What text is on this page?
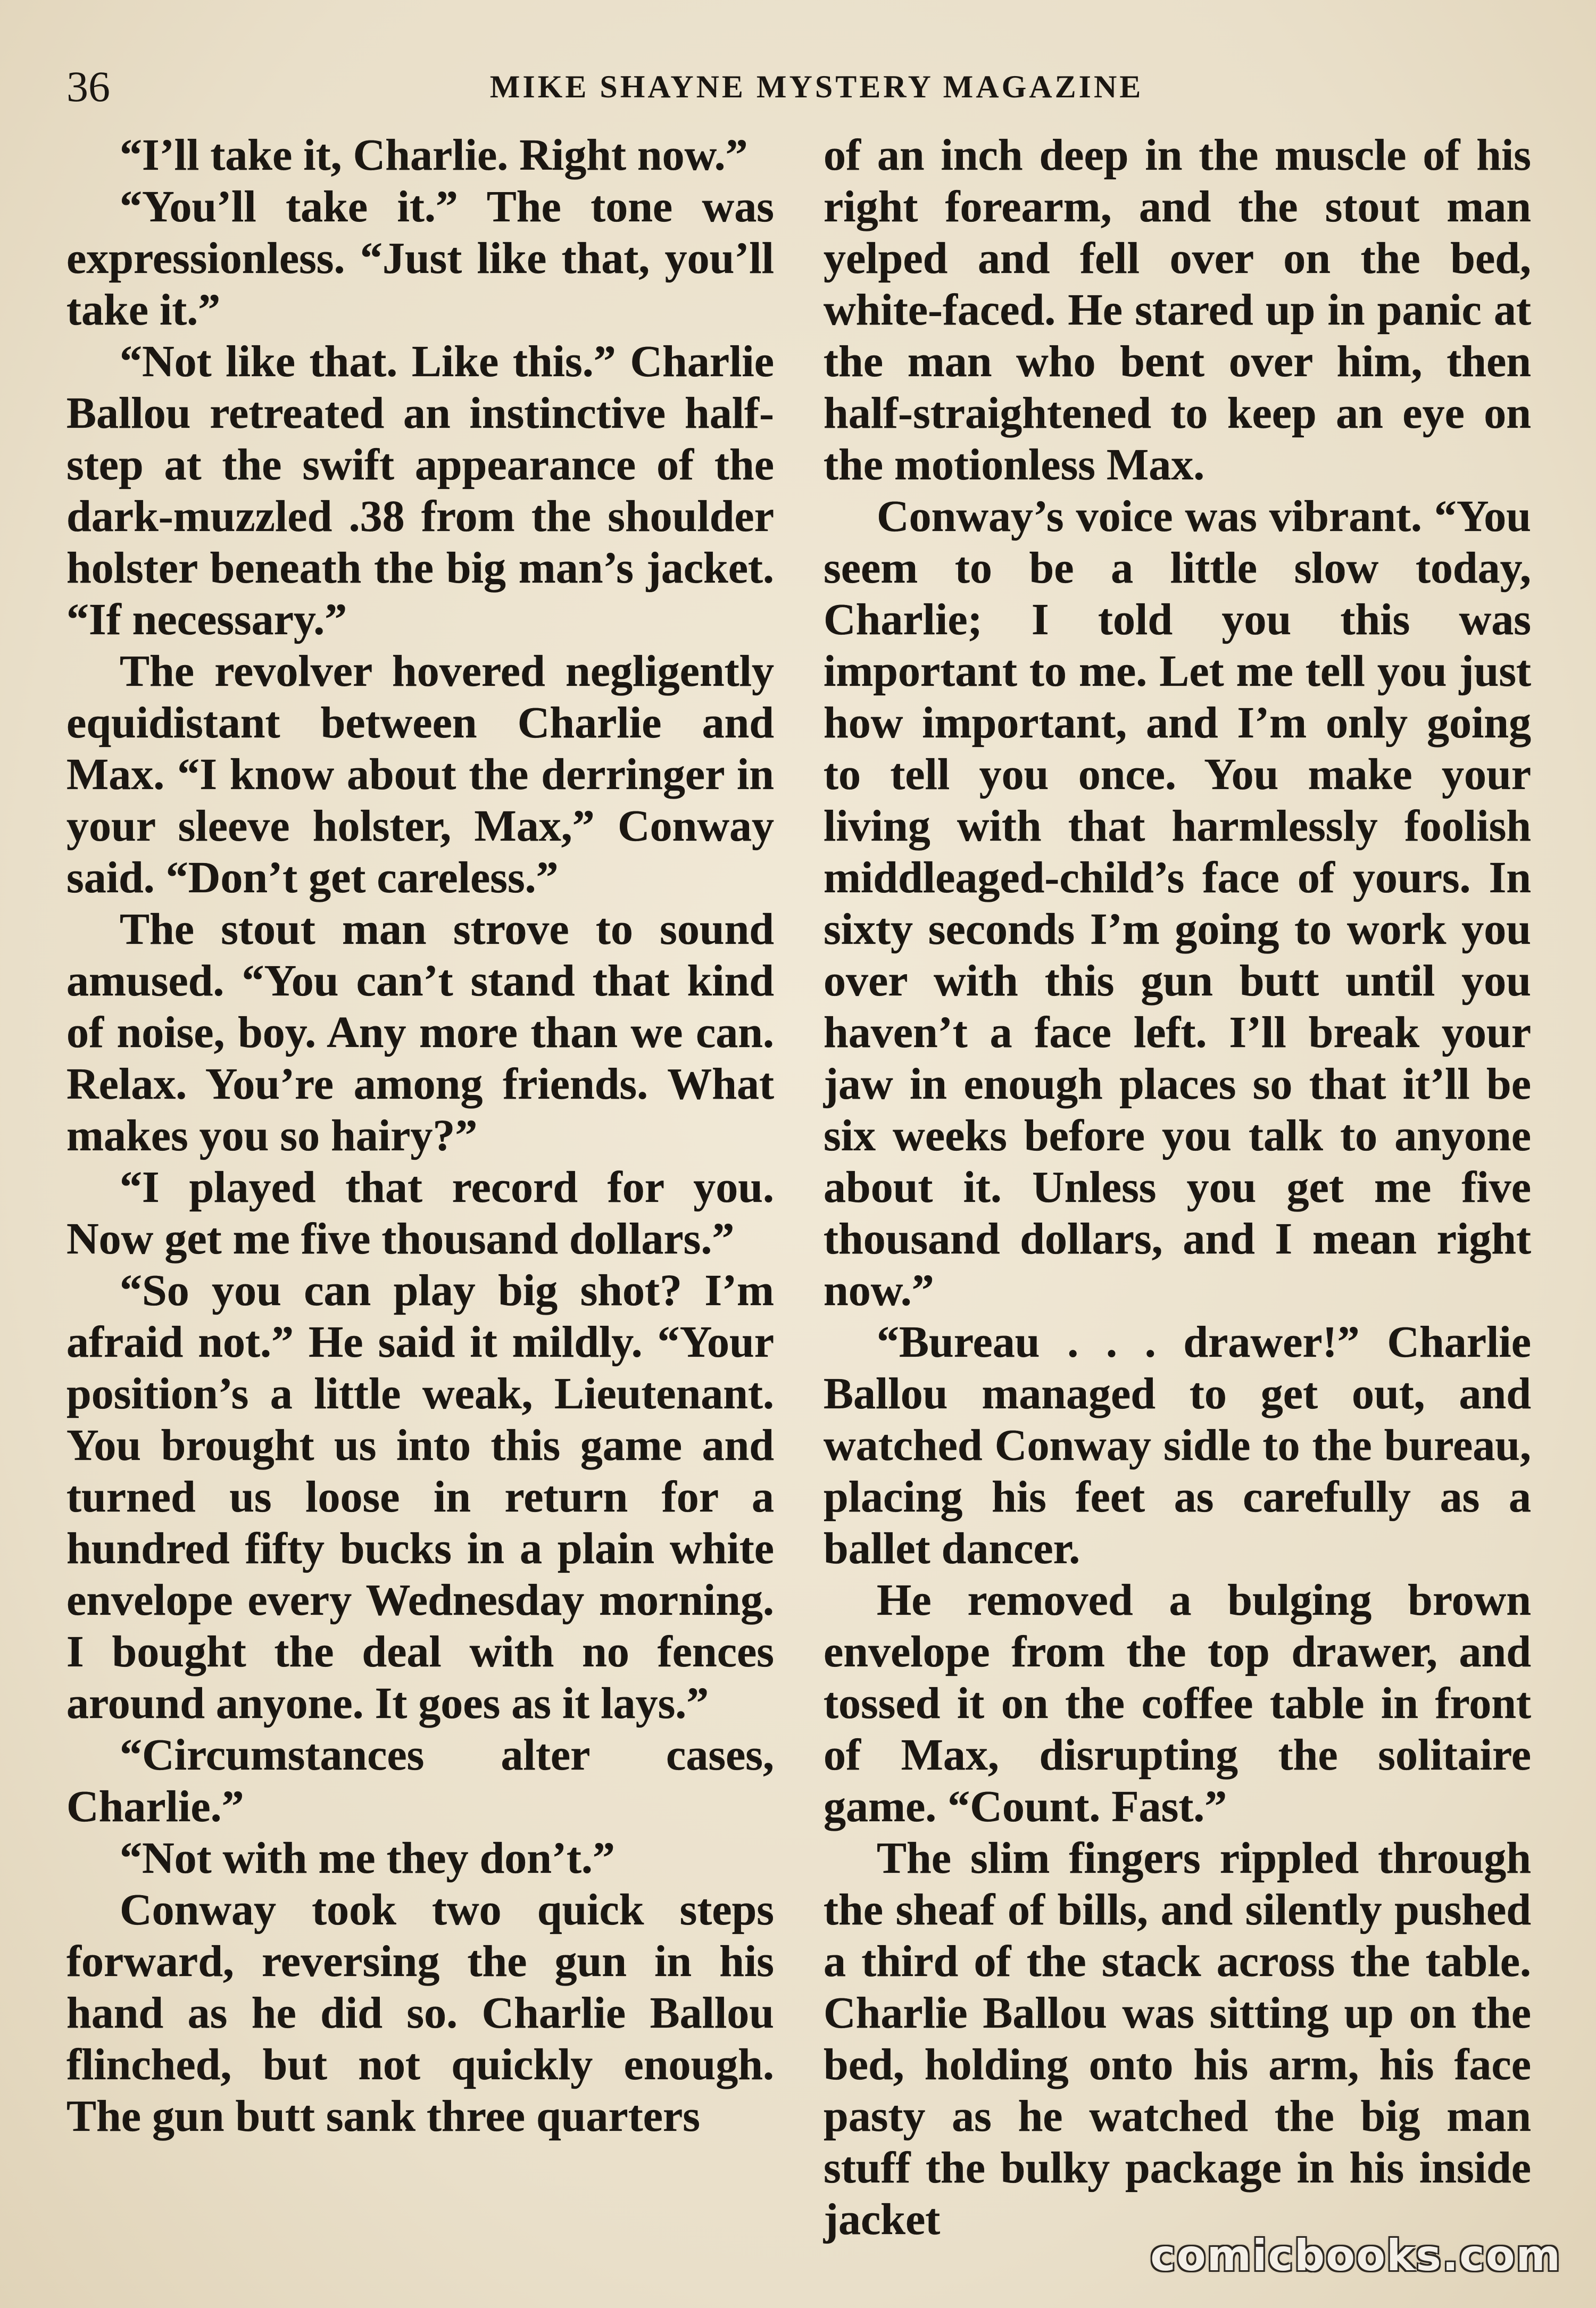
36	MIKE SHAYNE MYSTERY MAGAZINE

“I’ll take it, Charlie. Right now.”

“You’ll take it.” The tone was expressionless. “Just like that, you’ll take it.”

“Not like that. Like this.” Charlie Ballou retreated an instinctive half-step at the swift appearance of the dark-muzzled .38 from the shoulder holster beneath the big man’s jacket. “If necessary.”

The revolver hovered negligently equidistant between Charlie and Max. “I know about the derringer in your sleeve holster, Max,” Conway said. “Don’t get careless.”

The stout man strove to sound amused. “You can’t stand that kind of noise, boy. Any more than we can. Relax. You’re among friends. What makes you so hairy?”

“I played that record for you. Now get me five thousand dollars.”

“So you can play big shot? I’m afraid not.” He said it mildly. “Your position’s a little weak, Lieutenant. You brought us into this game and turned us loose in return for a hundred fifty bucks in a plain white envelope every Wednesday morning. I bought the deal with no fences around anyone. It goes as it lays.”

“Circumstances alter cases, Charlie.”

“Not with me they don’t.”

Conway took two quick steps forward, reversing the gun in his hand as he did so. Charlie Ballou flinched, but not quickly enough. The gun butt sank three quarters

of an inch deep in the muscle of his right forearm, and the stout man yelped and fell over on the bed, white-faced. He stared up in panic at the man who bent over him, then half-straightened to keep an eye on the motionless Max.

Conway’s voice was vibrant. “You seem to be a little slow today, Charlie; I told you this was important to me. Let me tell you just how important, and I’m only going to tell you once. You make your living with that harmlessly foolish middleaged-child’s face of yours. In sixty seconds I’m going to work you over with this gun butt until you haven’t a face left. I’ll break your jaw in enough places so that it’ll be six weeks before you talk to anyone about it. Unless you get me five thousand dollars, and I mean right now.”

“Bureau . . . drawer!” Charlie Ballou managed to get out, and watched Conway sidle to the bureau, placing his feet as carefully as a ballet dancer.

He removed a bulging brown envelope from the top drawer, and tossed it on the coffee table in front of Max, disrupting the solitaire game. “Count. Fast.”

The slim fingers rippled through the sheaf of bills, and silently pushed a third of the stack across the table. Charlie Ballou was sitting up on the bed, holding onto his arm, his face pasty as he watched the big man stuff the bulky package in his inside jacket

comicbooks.com
